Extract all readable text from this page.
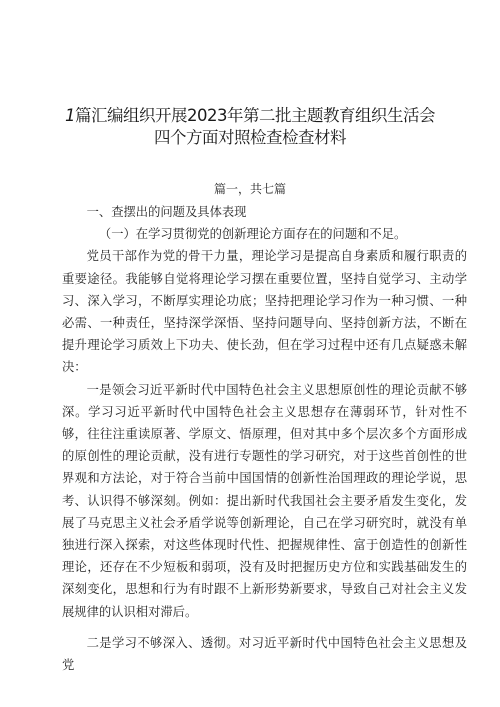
1篇汇编组织开展2023年第二批主题教育组织生活会
四个方面对照检查检查材料
篇一，共七篇

一、查摆出的问题及具体表现

（一）在学习贯彻党的创新理论方面存在的问题和不足。

党员干部作为党的骨干力量，理论学习是提高自身素质和履行职责的重要途径。我能够自觉将理论学习摆在重要位置，坚持自觉学习、主动学习、深入学习，不断厚实理论功底；坚持把理论学习作为一种习惯、一种必需、一种责任，坚持深学深悟、坚持问题导向、坚持创新方法，不断在提升理论学习质效上下功夫、使长劲，但在学习过程中还有几点疑惑未解决：

一是领会习近平新时代中国特色社会主义思想原创性的理论贡献不够深。学习习近平新时代中国特色社会主义思想存在薄弱环节，针对性不够，往往注重读原著、学原文、悟原理，但对其中多个层次多个方面形成的原创性的理论贡献，没有进行专题性的学习研究，对于这些首创性的世界观和方法论，对于符合当前中国国情的创新性治国理政的理论学说，思考、认识得不够深刻。例如：提出新时代我国社会主要矛盾发生变化，发展了马克思主义社会矛盾学说等创新理论，自己在学习研究时，就没有单独进行深入探索，对这些体现时代性、把握规律性、富于创造性的创新性理论，还存在不少短板和弱项，没有及时把握历史方位和实践基础发生的深刻变化，思想和行为有时跟不上新形势新要求，导致自己对社会主义发展规律的认识相对滞后。

二是学习不够深入、透彻。对习近平新时代中国特色社会主义思想及党
